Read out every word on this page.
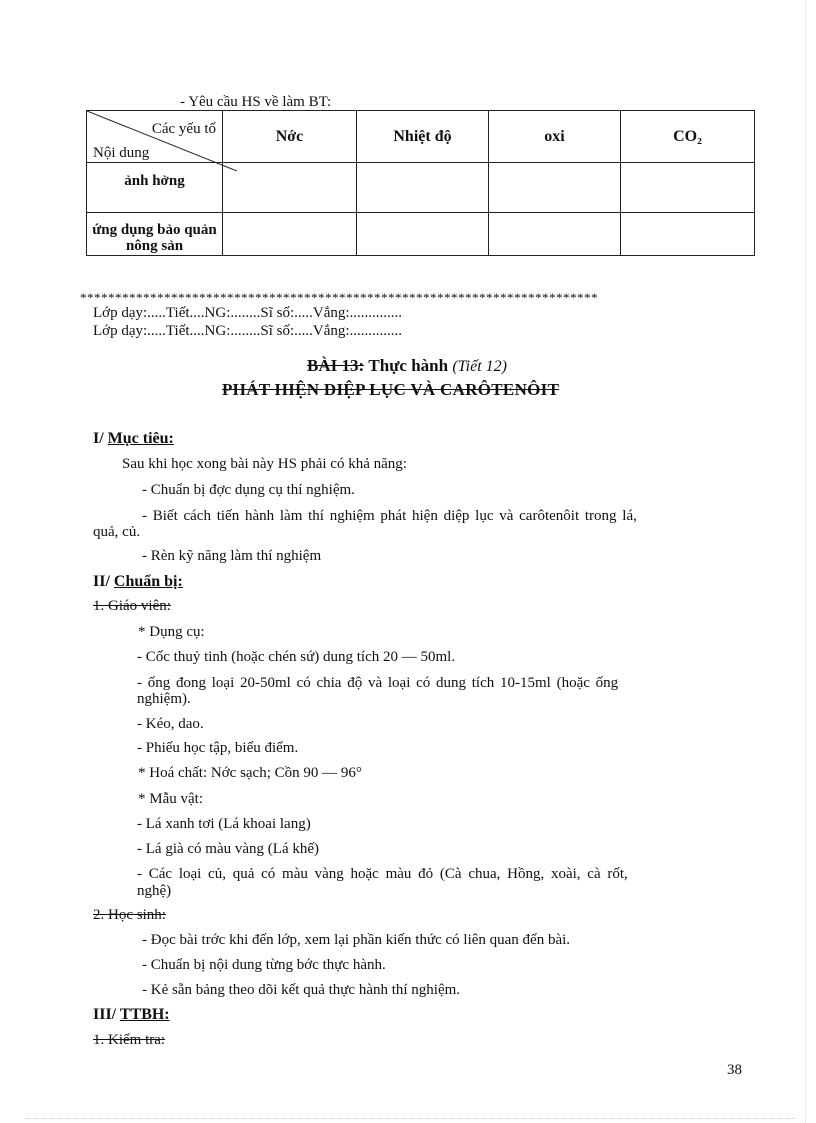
- Yêu cầu HS về làm BT:
Các yếu tố
Nội dung	Nớc	Nhiệt độ	oxi	CO₂
ảnh hởng				
ứng dụng bảo quản nông sản				
**************************************************************************
Lớp dạy:.....Tiết....NG:........Sĩ số:.....Vắng:..............
Lớp dạy:.....Tiết....NG:........Sĩ số:.....Vắng:..............
BÀI 13: Thực hành (Tiết 12)
PHÁT HIỆN DIỆP LỤC VÀ CARÔTENÔIT
I/ Mục tiêu:
Sau khi học xong bài này HS phải có khả năng:
- Chuẩn bị đợc dụng cụ thí nghiệm.
- Biết cách tiến hành làm thí nghiệm phát hiện diệp lục và carôtenôit trong lá,
quả, củ.
- Rèn kỹ năng làm thí nghiệm
II/ Chuẩn bị:
1. Giáo viên:
* Dụng cụ:
- Cốc thuỷ tinh (hoặc chén sứ) dung tích 20 — 50ml.
- ống đong loại 20-50ml có chia độ và loại có dung tích 10-15ml (hoặc ống
nghiệm).
- Kéo, dao.
- Phiếu học tập, biểu điểm.
* Hoá chất: Nớc sạch; Cồn 90 — 96°
* Mẫu vật:
- Lá xanh tơi (Lá khoai lang)
- Lá già có màu vàng (Lá khế)
- Các loại củ, quả có màu vàng hoặc màu đỏ (Cà chua, Hồng, xoài, cà rốt,
nghệ)
2. Học sinh:
- Đọc bài trớc khi đến lớp, xem lại phần kiến thức có liên quan đến bài.
- Chuẩn bị nội dung từng bớc thực hành.
- Kẻ sẵn bảng theo dõi kết quả thực hành thí nghiệm.
III/ TTBH:
1. Kiểm tra:
38
